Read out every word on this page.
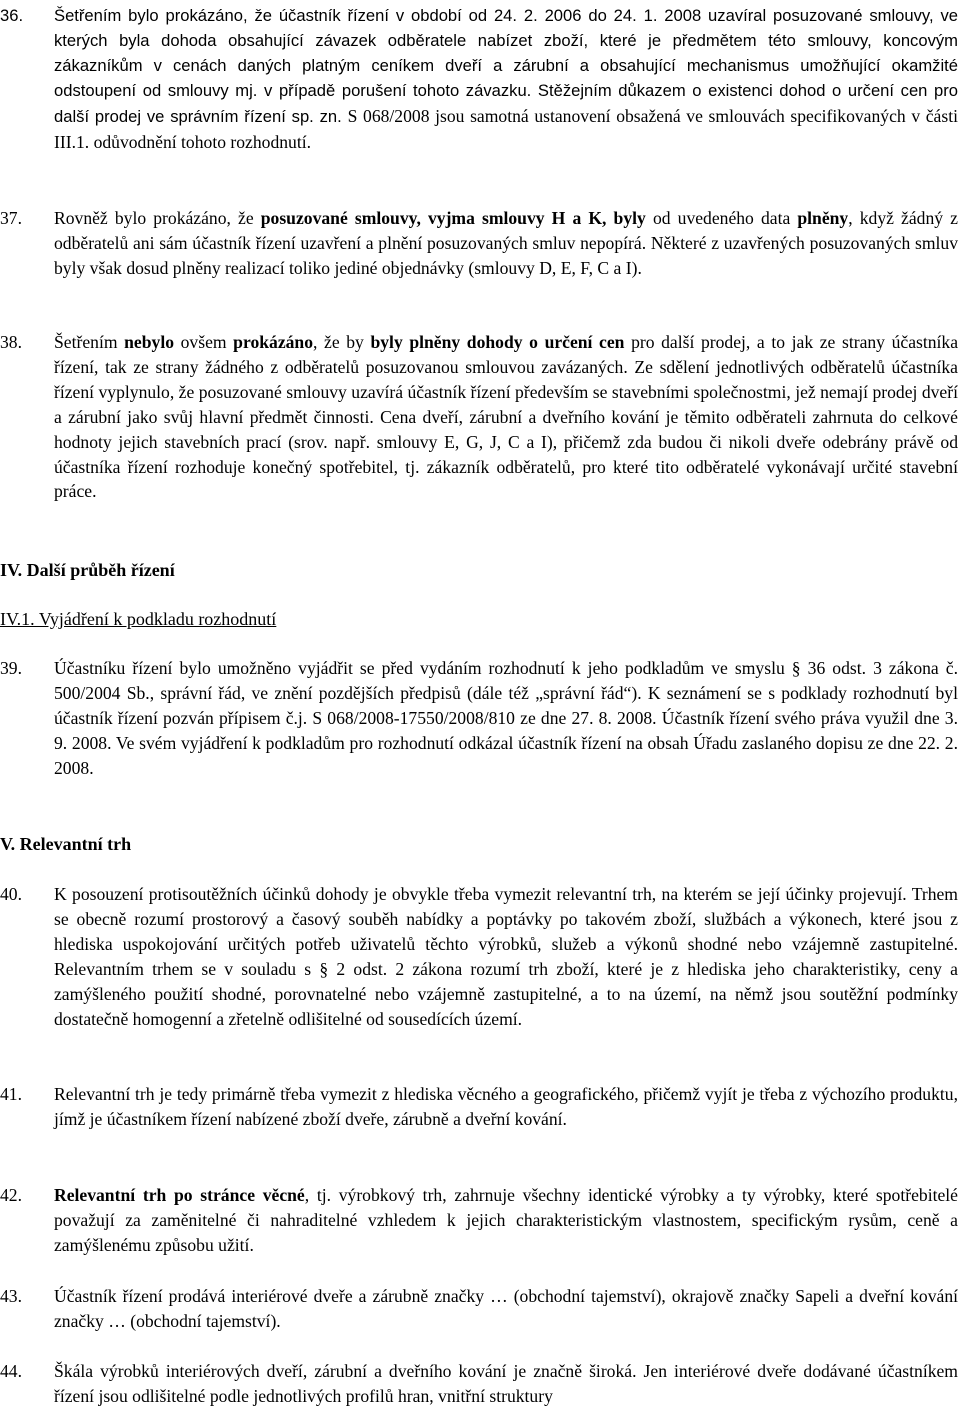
36.	Šetřením bylo prokázáno, že účastník řízení v období od 24. 2. 2006 do 24. 1. 2008 uzavíral posuzované smlouvy, ve kterých byla dohoda obsahující závazek odběratele nabízet zboží, které je předmětem této smlouvy, koncovým zákazníkům v cenách daných platným ceníkem dveří a zárubní a obsahující mechanismus umožňující okamžité odstoupení od smlouvy mj. v případě porušení tohoto závazku. Stěžejním důkazem o existenci dohod o určení cen pro další prodej ve správním řízení sp. zn. S 068/2008 jsou samotná ustanovení obsažená ve smlouvách specifikovaných v části III.1. odůvodnění tohoto rozhodnutí.
37.	Rovněž bylo prokázáno, že posuzované smlouvy, vyjma smlouvy H a K, byly od uvedeného data plněny, když žádný z odběratelů ani sám účastník řízení uzavření a plnění posuzovaných smluv nepopírá. Některé z uzavřených posuzovaných smluv byly však dosud plněny realizací toliko jediné objednávky (smlouvy D, E, F, C a I).
38.	Šetřením nebylo ovšem prokázáno, že by byly plněny dohody o určení cen pro další prodej, a to jak ze strany účastníka řízení, tak ze strany žádného z odběratelů posuzovanou smlouvou zavázaných. Ze sdělení jednotlivých odběratelů účastníka řízení vyplynulo, že posuzované smlouvy uzavírá účastník řízení především se stavebními společnostmi, jež nemají prodej dveří a zárubní jako svůj hlavní předmět činnosti. Cena dveří, zárubní a dveřního kování je těmito odběrateli zahrnuta do celkové hodnoty jejich stavebních prací (srov. např. smlouvy E, G, J, C a I), přičemž zda budou či nikoli dveře odebrány právě od účastníka řízení rozhoduje konečný spotřebitel, tj. zákazník odběratelů, pro které tito odběratelé vykonávají určité stavební práce.
IV. Další průběh řízení
IV.1. Vyjádření k podkladu rozhodnutí
39.	Účastníku řízení bylo umožněno vyjádřit se před vydáním rozhodnutí k jeho podkladům ve smyslu § 36 odst. 3 zákona č. 500/2004 Sb., správní řád, ve znění pozdějších předpisů (dále též „správní řád“). K seznámení se s podklady rozhodnutí byl účastník řízení pozván přípisem č.j. S 068/2008-17550/2008/810 ze dne 27. 8. 2008. Účastník řízení svého práva využil dne 3. 9. 2008. Ve svém vyjádření k podkladům pro rozhodnutí odkázal účastník řízení na obsah Úřadu zaslaného dopisu ze dne 22. 2. 2008.
V. Relevantní trh
40.	K posouzení protisoutěžních účinků dohody je obvykle třeba vymezit relevantní trh, na kterém se její účinky projevují. Trhem se obecně rozumí prostorový a časový souběh nabídky a poptávky po takovém zboží, službách a výkonech, které jsou z hlediska uspokojování určitých potřeb uživatelů těchto výrobků, služeb a výkonů shodné nebo vzájemně zastupitelné. Relevantním trhem se v souladu s § 2 odst. 2 zákona rozumí trh zboží, které je z hlediska jeho charakteristiky, ceny a zamýšleného použití shodné, porovnatelné nebo vzájemně zastupitelné, a to na území, na němž jsou soutěžní podmínky dostatečně homogenní a zřetelně odlišitelné od sousedících území.
41.	Relevantní trh je tedy primárně třeba vymezit z hlediska věcného a geografického, přičemž vyjít je třeba z výchozího produktu, jímž je účastníkem řízení nabízené zboží dveře, zárubně a dveřní kování.
42.	Relevantní trh po stránce věcné, tj. výrobkový trh, zahrnuje všechny identické výrobky a ty výrobky, které spotřebitelé považují za zaměnitelné či nahraditelné vzhledem k jejich charakteristickým vlastnostem, specifickým rysům, ceně a zamýšlenému způsobu užití.
43.	Účastník řízení prodává interiérové dveře a zárubně značky … (obchodní tajemství), okrajově značky Sapeli a dveřní kování značky … (obchodní tajemství).
44.	Škála výrobků interiérových dveří, zárubní a dveřního kování je značně široká. Jen interiérové dveře dodávané účastníkem řízení jsou odlišitelné podle jednotlivých profilů hran, vnitřní struktury
